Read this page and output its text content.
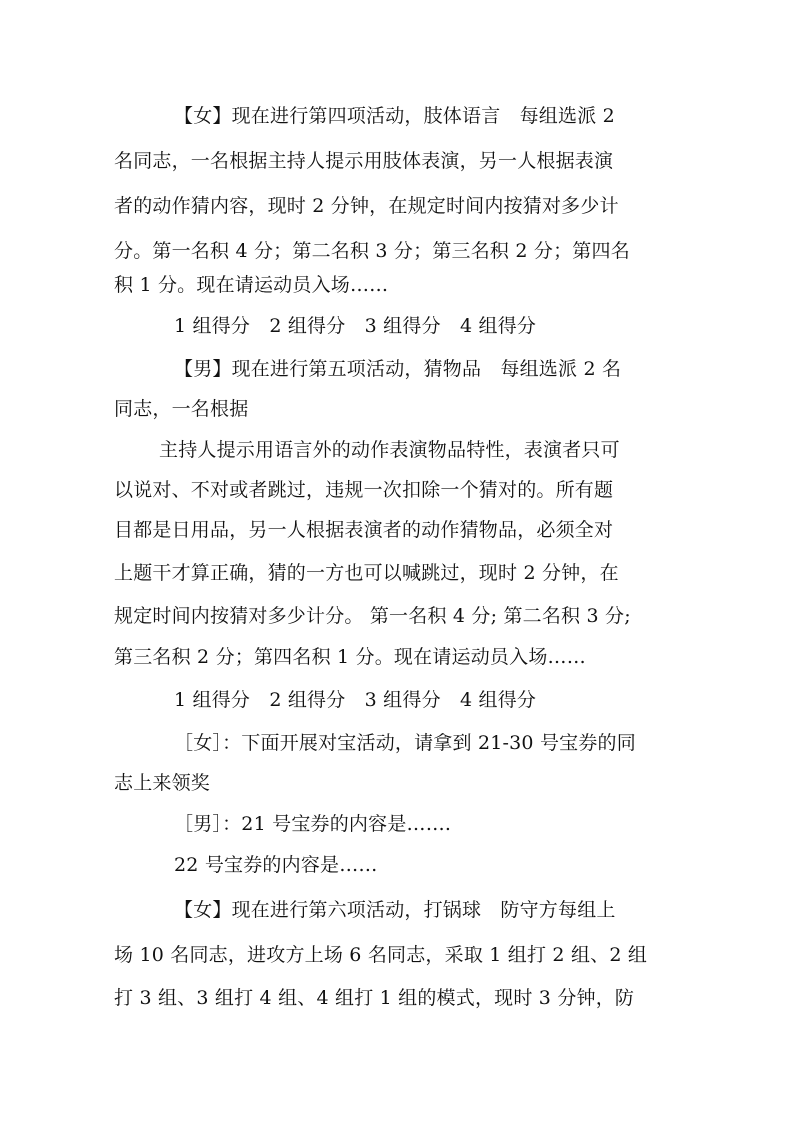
【女】现在进行第四项活动，肢体语言　每组选派 2
名同志，一名根据主持人提示用肢体表演，另一人根据表演
者的动作猜内容，现时 2 分钟，在规定时间内按猜对多少计
分。第一名积 4 分；第二名积 3 分；第三名积 2 分；第四名
积 1 分。现在请运动员入场……
1 组得分　2 组得分　3 组得分　4 组得分
【男】现在进行第五项活动，猜物品　每组选派 2 名
同志，一名根据
主持人提示用语言外的动作表演物品特性，表演者只可
以说对、不对或者跳过，违规一次扣除一个猜对的。所有题
目都是日用品，另一人根据表演者的动作猜物品，必须全对
上题干才算正确，猜的一方也可以喊跳过，现时 2 分钟，在
规定时间内按猜对多少计分。 第一名积 4 分; 第二名积 3 分;
第三名积 2 分；第四名积 1 分。现在请运动员入场……
1 组得分　2 组得分　3 组得分　4 组得分
［女］：下面开展对宝活动，请拿到 21-30 号宝券的同
志上来领奖
［男］：21 号宝券的内容是…….
22 号宝券的内容是……
【女】现在进行第六项活动，打锅球　防守方每组上
场 10 名同志，进攻方上场 6 名同志，采取 1 组打 2 组、2 组
打 3 组、3 组打 4 组、4 组打 1 组的模式，现时 3 分钟，防
